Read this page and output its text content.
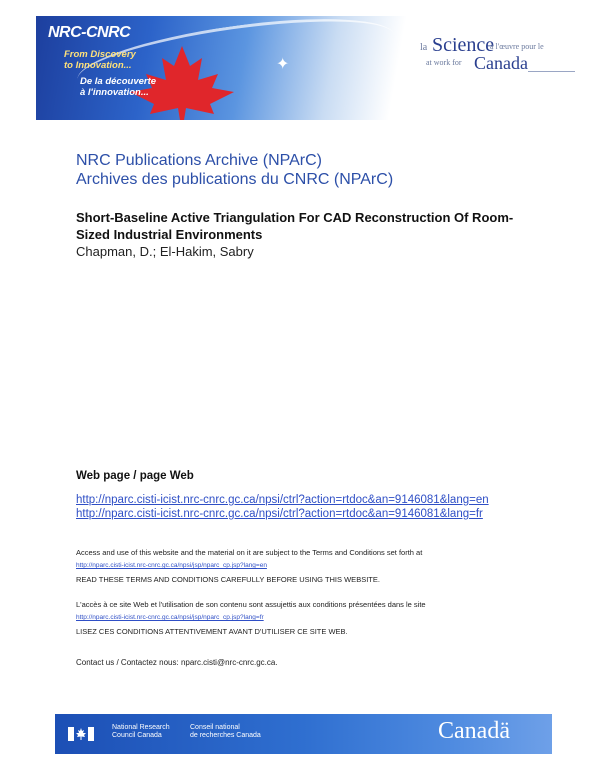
NRC-CNRC
From Discovery
to Innovation...
De la découverte
à l'innovation...
✦
la Science
à l'œuvre pour le
at work for Canada
NRC Publications Archive (NPArC)
Archives des publications du CNRC (NPArC)
Short-Baseline Active Triangulation For CAD Reconstruction Of Room-Sized Industrial Environments
Chapman, D.; El-Hakim, Sabry
Web page / page Web
http://nparc.cisti-icist.nrc-cnrc.gc.ca/npsi/ctrl?action=rtdoc&an=9146081&lang=en
http://nparc.cisti-icist.nrc-cnrc.gc.ca/npsi/ctrl?action=rtdoc&an=9146081&lang=fr
Access and use of this website and the material on it are subject to the Terms and Conditions set forth at
http://nparc.cisti-icist.nrc-cnrc.gc.ca/npsi/jsp/nparc_cp.jsp?lang=en
READ THESE TERMS AND CONDITIONS CAREFULLY BEFORE USING THIS WEBSITE.
L'accès à ce site Web et l'utilisation de son contenu sont assujettis aux conditions présentées dans le site
http://nparc.cisti-icist.nrc-cnrc.gc.ca/npsi/jsp/nparc_cp.jsp?lang=fr
LISEZ CES CONDITIONS ATTENTIVEMENT AVANT D'UTILISER CE SITE WEB.
Contact us / Contactez nous: nparc.cisti@nrc-cnrc.gc.ca.
National Research
Council Canada
Conseil national
de recherches Canada	Canadä
